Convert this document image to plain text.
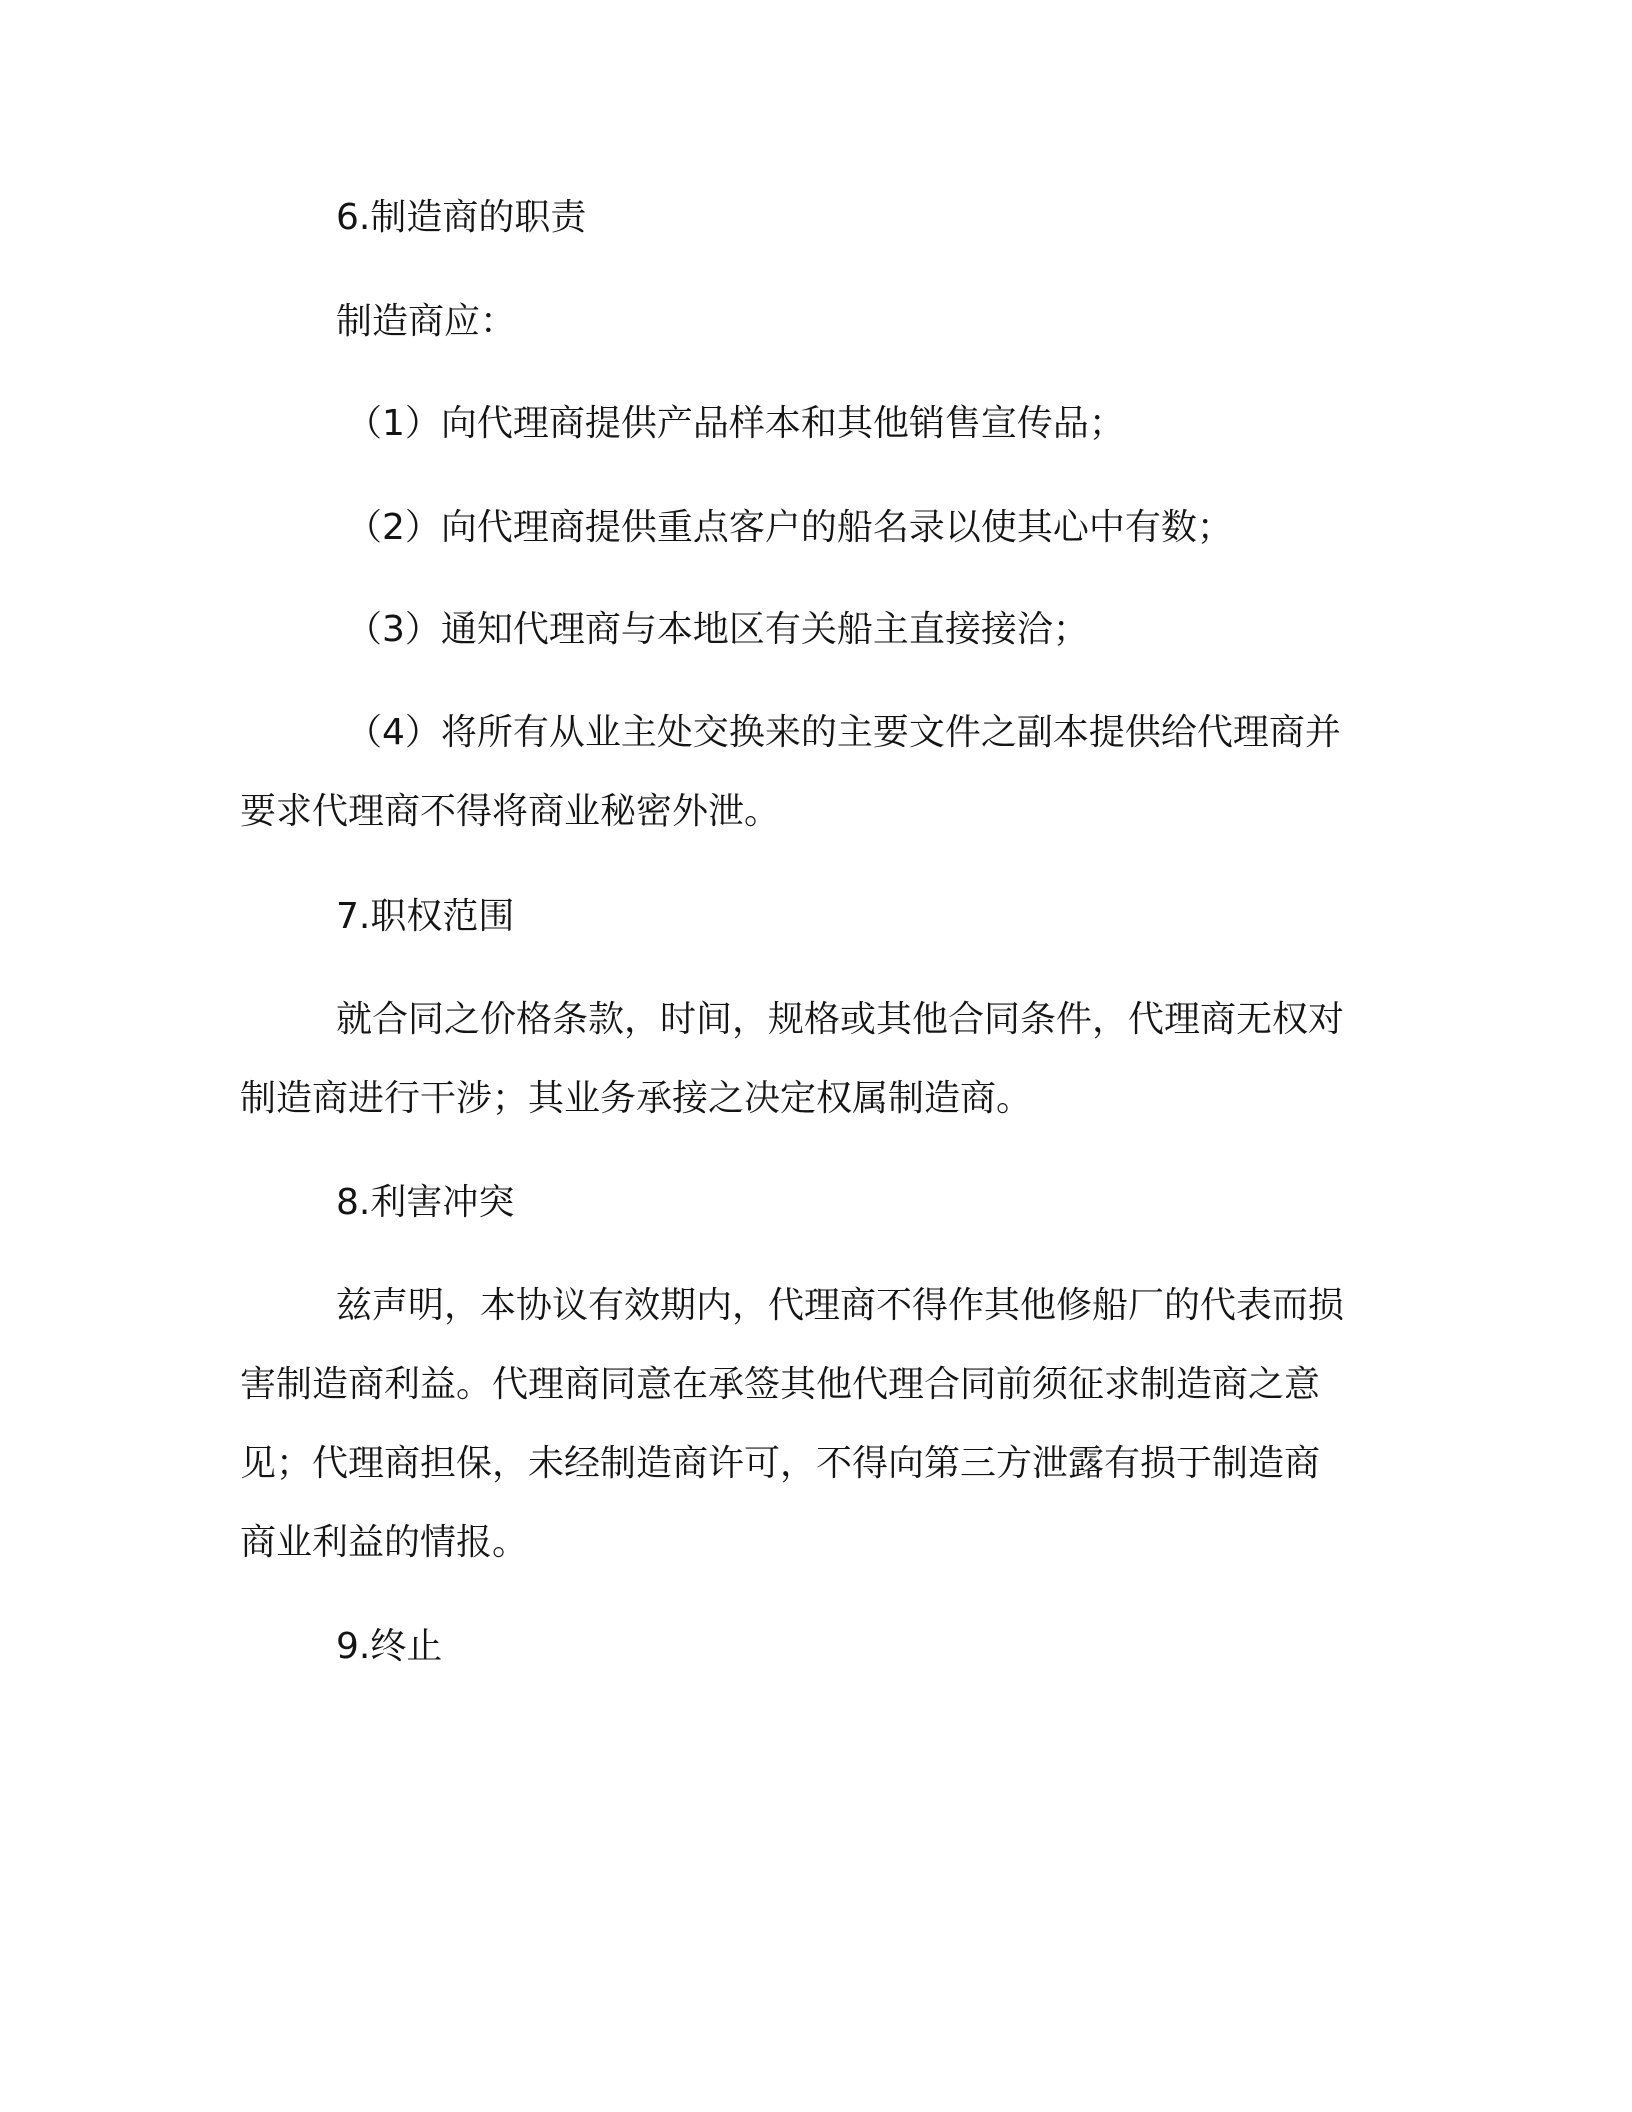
6.制造商的职责
制造商应：
（1）向代理商提供产品样本和其他销售宣传品；
（2）向代理商提供重点客户的船名录以使其心中有数；
（3）通知代理商与本地区有关船主直接接洽；
（4）将所有从业主处交换来的主要文件之副本提供给代理商并
要求代理商不得将商业秘密外泄。
7.职权范围
就合同之价格条款，时间，规格或其他合同条件，代理商无权对
制造商进行干涉；其业务承接之决定权属制造商。
8.利害冲突
兹声明，本协议有效期内，代理商不得作其他修船厂的代表而损
害制造商利益。代理商同意在承签其他代理合同前须征求制造商之意
见；代理商担保，未经制造商许可，不得向第三方泄露有损于制造商
商业利益的情报。
9.终止
